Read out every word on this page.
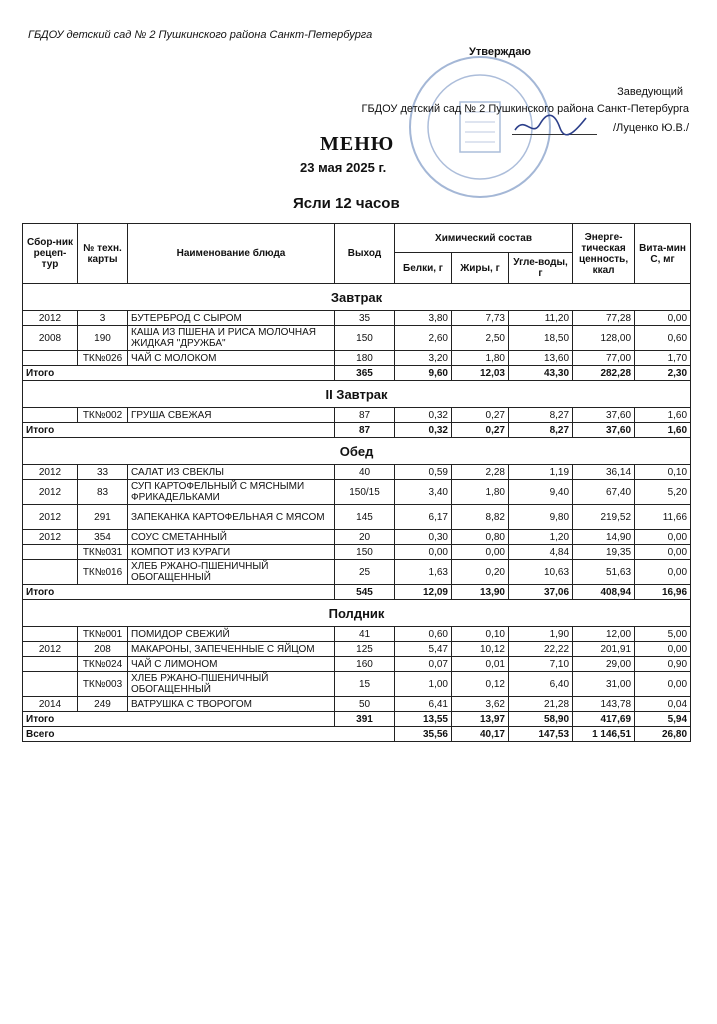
ГБДОУ детский сад № 2 Пушкинского района Санкт-Петербурга
Утверждаю
Заведующий
ГБДОУ детский сад № 2 Пушкинского района Санкт-Петербурга
/Луценко Ю.В./
МЕНЮ
23 мая 2025 г.
Ясли 12 часов
Сбор-ник рецеп-тур	№ техн. карты	Наименование блюда	Выход	Химический состав			Энерге-тическая ценность, ккал	Вита-мин С, мг
				Белки, г	Жиры, г	Угле-воды, г		
Завтрак								
2012	3	БУТЕРБРОД С СЫРОМ	35	3,80	7,73	11,20	77,28	0,00
2008	190	КАША ИЗ ПШЕНА И РИСА МОЛОЧНАЯ ЖИДКАЯ "ДРУЖБА"	150	2,60	2,50	18,50	128,00	0,60
	ТК№026	ЧАЙ С МОЛОКОМ	180	3,20	1,80	13,60	77,00	1,70
Итого			365	9,60	12,03	43,30	282,28	2,30
II Завтрак								
	ТК№002	ГРУША СВЕЖАЯ	87	0,32	0,27	8,27	37,60	1,60
Итого			87	0,32	0,27	8,27	37,60	1,60
Обед								
2012	33	САЛАТ ИЗ СВЕКЛЫ	40	0,59	2,28	1,19	36,14	0,10
2012	83	СУП КАРТОФЕЛЬНЫЙ С МЯСНЫМИ ФРИКАДЕЛЬКАМИ	150/15	3,40	1,80	9,40	67,40	5,20
2012	291	ЗАПЕКАНКА КАРТОФЕЛЬНАЯ С МЯСОМ	145	6,17	8,82	9,80	219,52	11,66
2012	354	СОУС СМЕТАННЫЙ	20	0,30	0,80	1,20	14,90	0,00
	ТК№031	КОМПОТ ИЗ КУРАГИ	150	0,00	0,00	4,84	19,35	0,00
	ТК№016	ХЛЕБ РЖАНО-ПШЕНИЧНЫЙ ОБОГАЩЕННЫЙ	25	1,63	0,20	10,63	51,63	0,00
Итого			545	12,09	13,90	37,06	408,94	16,96
Полдник								
	ТК№001	ПОМИДОР СВЕЖИЙ	41	0,60	0,10	1,90	12,00	5,00
2012	208	МАКАРОНЫ, ЗАПЕЧЕННЫЕ С ЯЙЦОМ	125	5,47	10,12	22,22	201,91	0,00
	ТК№024	ЧАЙ С ЛИМОНОМ	160	0,07	0,01	7,10	29,00	0,90
	ТК№003	ХЛЕБ РЖАНО-ПШЕНИЧНЫЙ ОБОГАЩЕННЫЙ	15	1,00	0,12	6,40	31,00	0,00
2014	249	ВАТРУШКА С ТВОРОГОМ	50	6,41	3,62	21,28	143,78	0,04
Итого			391	13,55	13,97	58,90	417,69	5,94
Всего				35,56	40,17	147,53	1 146,51	26,80
